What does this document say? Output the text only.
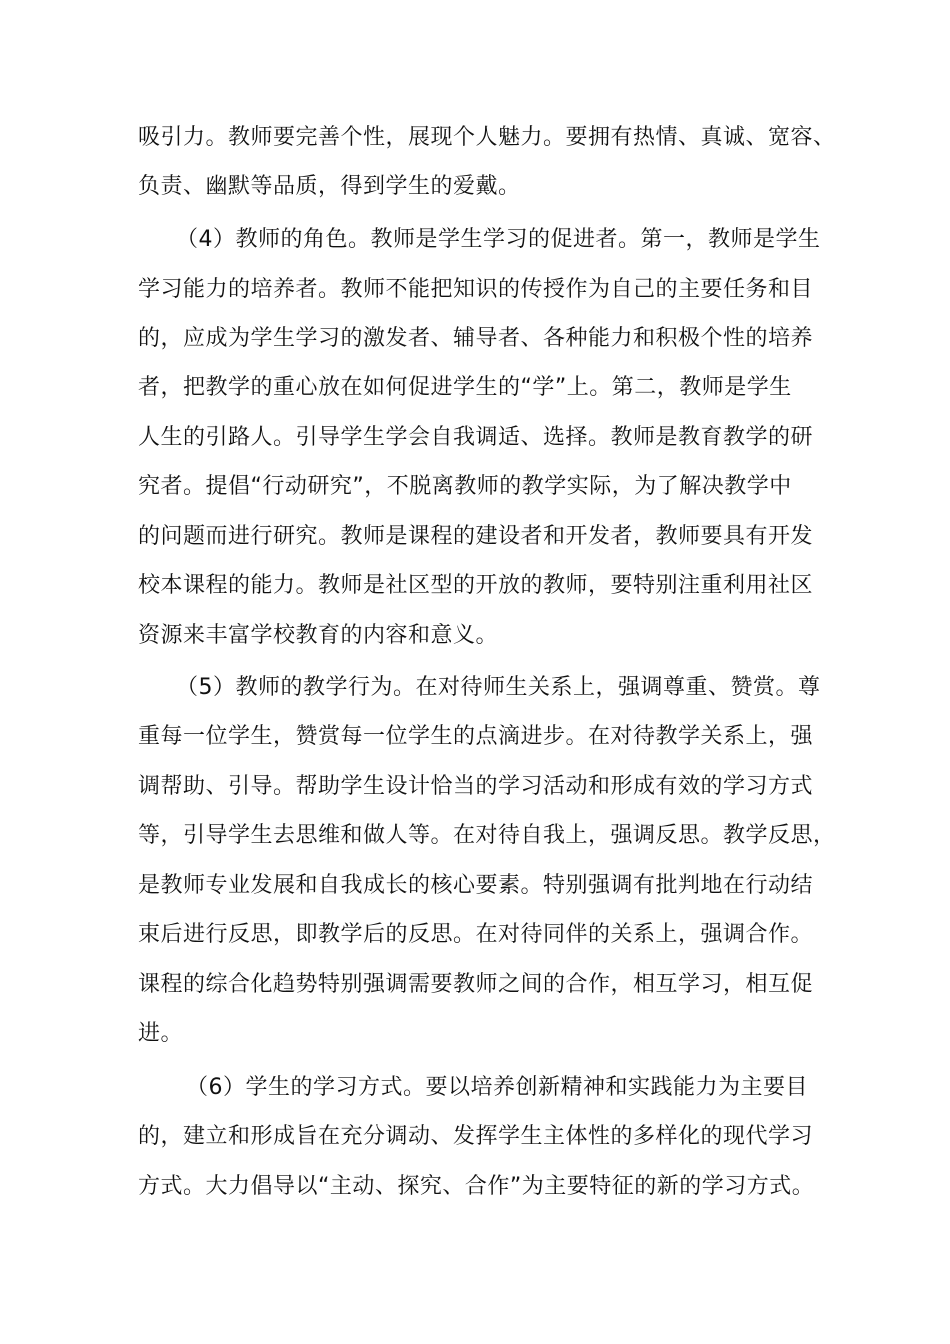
吸引力。教师要完善个性，展现个人魅力。要拥有热情、真诚、宽容、
负责、幽默等品质，得到学生的爱戴。
（4）教师的角色。教师是学生学习的促进者。第一，教师是学生
学习能力的培养者。教师不能把知识的传授作为自己的主要任务和目
的，应成为学生学习的激发者、辅导者、各种能力和积极个性的培养
者，把教学的重心放在如何促进学生的“学”上。第二，教师是学生
人生的引路人。引导学生学会自我调适、选择。教师是教育教学的研
究者。提倡“行动研究”，不脱离教师的教学实际，为了解决教学中
的问题而进行研究。教师是课程的建设者和开发者，教师要具有开发
校本课程的能力。教师是社区型的开放的教师，要特别注重利用社区
资源来丰富学校教育的内容和意义。
（5）教师的教学行为。在对待师生关系上，强调尊重、赞赏。尊
重每一位学生，赞赏每一位学生的点滴进步。在对待教学关系上，强
调帮助、引导。帮助学生设计恰当的学习活动和形成有效的学习方式
等，引导学生去思维和做人等。在对待自我上，强调反思。教学反思，
是教师专业发展和自我成长的核心要素。特别强调有批判地在行动结
束后进行反思，即教学后的反思。在对待同伴的关系上，强调合作。
课程的综合化趋势特别强调需要教师之间的合作，相互学习，相互促
进。
（6）学生的学习方式。要以培养创新精神和实践能力为主要目
的，建立和形成旨在充分调动、发挥学生主体性的多样化的现代学习
方式。大力倡导以“主动、探究、合作”为主要特征的新的学习方式。
